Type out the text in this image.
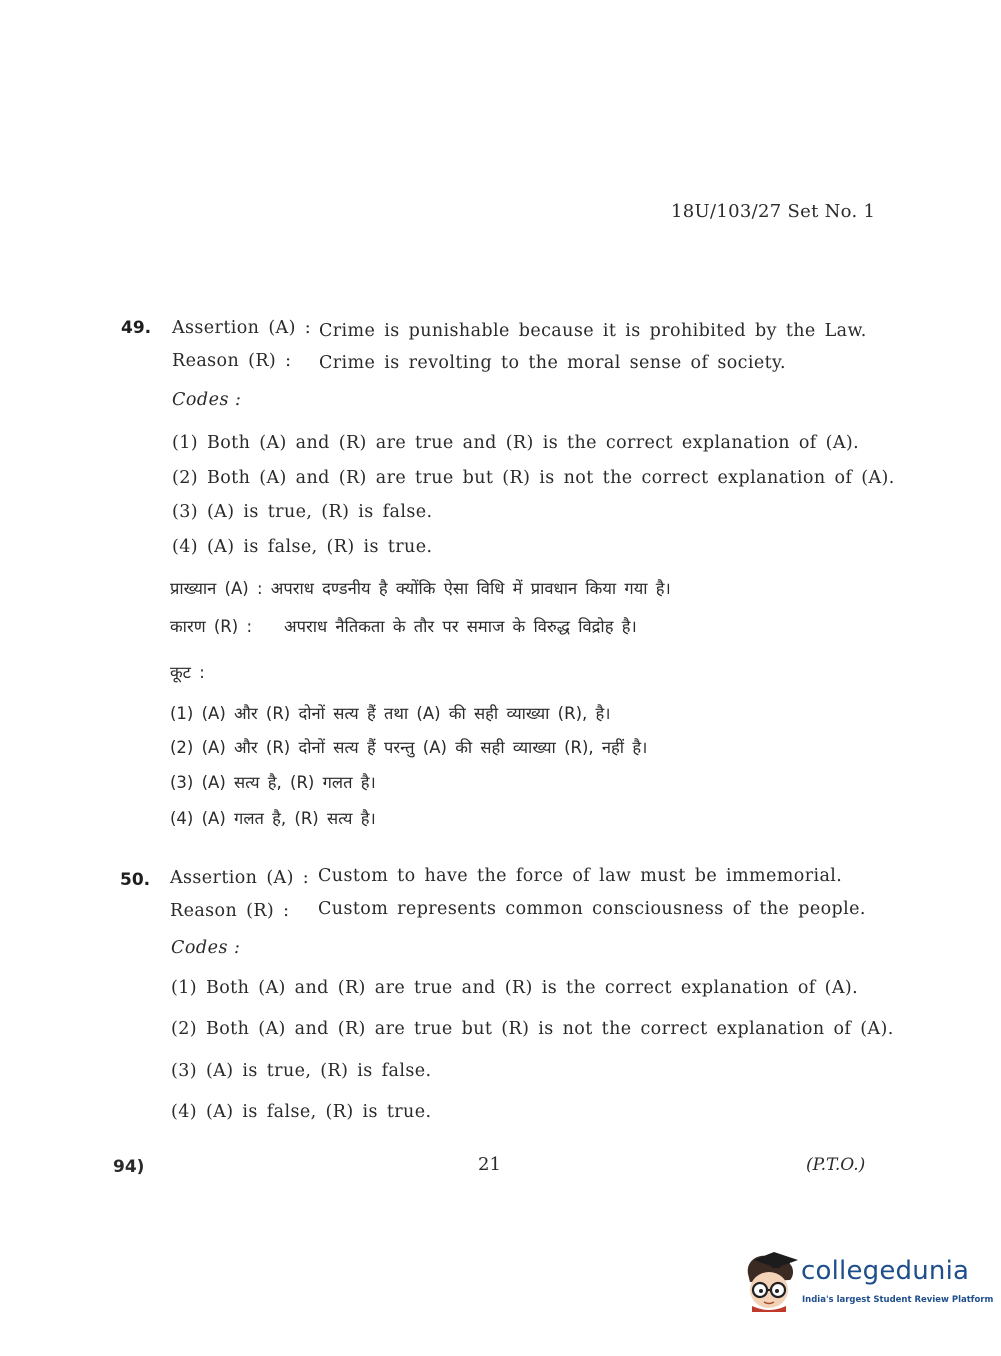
18U/103/27 Set No. 1
49. Assertion (A) : Crime is punishable because it is prohibited by the Law.
Reason (R) : Crime is revolting to the moral sense of society.
Codes :
(1) Both (A) and (R) are true and (R) is the correct explanation of (A).
(2) Both (A) and (R) are true but (R) is not the correct explanation of (A).
(3) (A) is true, (R) is false.
(4) (A) is false, (R) is true.
प्राख्यान (A) : अपराध दण्डनीय है क्योंकि ऐसा विधि में प्रावधान किया गया है।
कारण (R) : अपराध नैतिकता के तौर पर समाज के विरुद्ध विद्रोह है।
कूट :
(1) (A) और (R) दोनों सत्य हैं तथा (A) की सही व्याख्या (R), है।
(2) (A) और (R) दोनों सत्य हैं परन्तु (A) की सही व्याख्या (R), नहीं है।
(3) (A) सत्य है, (R) गलत है।
(4) (A) गलत है, (R) सत्य है।
50. Assertion (A) : Custom to have the force of law must be immemorial.
Reason (R) : Custom represents common consciousness of the people.
Codes :
(1) Both (A) and (R) are true and (R) is the correct explanation of (A).
(2) Both (A) and (R) are true but (R) is not the correct explanation of (A).
(3) (A) is true, (R) is false.
(4) (A) is false, (R) is true.
94)	21	(P.T.O.)
collegedunia
India's largest Student Review Platform
